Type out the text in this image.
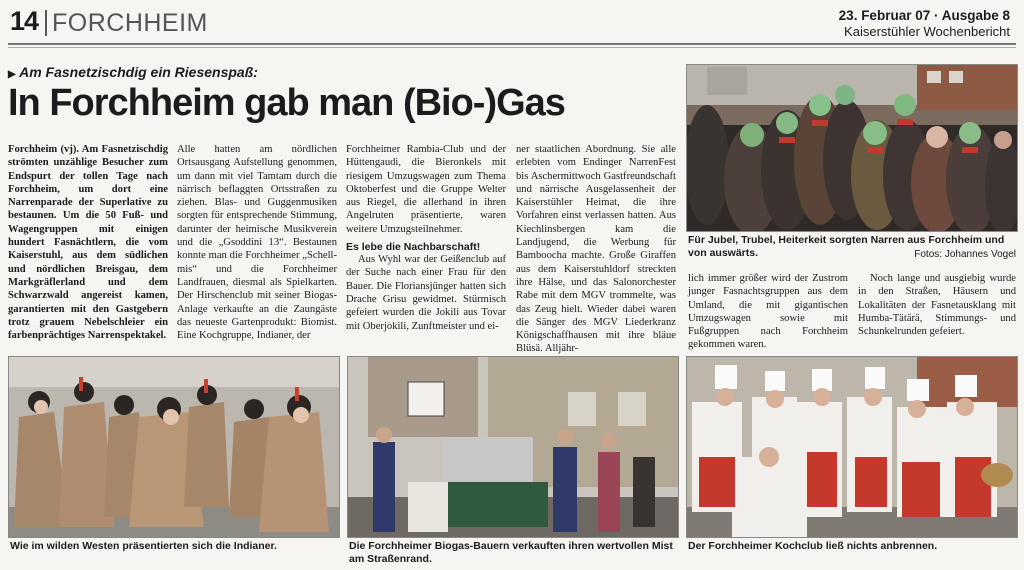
14 FORCHHEIM	23. Februar 07 · Ausgabe 8
Kaiserstühler Wochenbericht
▶ Am Fasnetzischdig ein Riesenspaß:
In Forchheim gab man (Bio-)Gas
Forchheim (vj). Am Fasnetzischdig strömten unzählige Besucher zum Endspurt der tollen Tage nach Forchheim, um dort eine Narrenparade der Superlative zu bestaunen. Um die 50 Fuß- und Wagengruppen mit einigen hundert Fasnächtlern, die vom Kaiserstuhl, aus dem südlichen und nördlichen Breisgau, dem Markgräflerland und dem Schwarzwald angereist kamen, garantierten mit den Gastgebern trotz grauem Nebelschleier ein farbenprächtiges Narrenspektakel.
Alle hatten am nördlichen Ortsausgang Aufstellung genommen, um dann mit viel Tamtam durch die närrisch beflaggten Ortsstraßen zu ziehen. Blas- und Guggenmusiken sorgten für entsprechende Stimmung, darunter der heimische Musikverein und die „Gsoddini 13“. Bestaunen konnte man die Forchheimer „Schell-mis“ und die Forchheimer Landfrauen, diesmal als Spielkarten. Der Hirschenclub mit seiner Biogas-Anlage verkaufte an die Zaungäste das neueste Gartenprodukt: Biomist. Eine Kochgruppe, Indianer, der
Forchheimer Rambia-Club und der Hüttengaudi, die Bieronkels mit riesigem Umzugswagen zum Thema Oktoberfest und die Gruppe Welter aus Riegel, die allerhand in ihren Angelruten präsentierte, waren weitere Umzugsteilnehmer.
Es lebe die Nachbarschaft!
Aus Wyhl war der Geißenclub auf der Suche nach einer Frau für den Bauer. Die Floriansjünger hatten sich Drache Grisu gewidmet. Stürmisch gefeiert wurden die Jokili aus Tovar mit Oberjokili, Zunftmeister und ei-
ner staatlichen Abordnung. Sie alle erlebten vom Endinger NarrenFest bis Aschermittwoch Gastfreundschaft und närrische Ausgelassenheit der Kaiserstühler Heimat, die ihre Vorfahren einst verlassen hatten. Aus Kiechlinsbergen kam die Landjugend, die Werbung für Bamboocha machte. Große Giraffen aus dem Kaiserstuhldorf streckten ihre Hälse, und das Salonorchester Rabe mit dem MGV trommelte, was das Zeug hielt. Wieder dabei waren die Sänger des MGV Liederkranz Königschaffhausen mit ihre bläue Blüsä. Alljähr-
lich immer größer wird der Zustrom junger Fasnachtsgruppen aus dem Umland, die mit gigantischen Umzugswagen sowie mit Fußgruppen nach Forchheim gekommen waren.
Noch lange und ausgiebig wurde in den Straßen, Häusern und Lokalitäten der Fasnetausklang mit Humba-Tätärä, Stimmungs- und Schunkelrunden gefeiert.
Für Jubel, Trubel, Heiterkeit sorgten Narren aus Forchheim und von auswärts.	Fotos: Johannes Vogel
Wie im wilden Westen präsentierten sich die Indianer.	Die Forchheimer Biogas-Bauern verkauften ihren wertvollen Mist am Straßenrand.
Der Forchheimer Kochclub ließ nichts anbrennen.
